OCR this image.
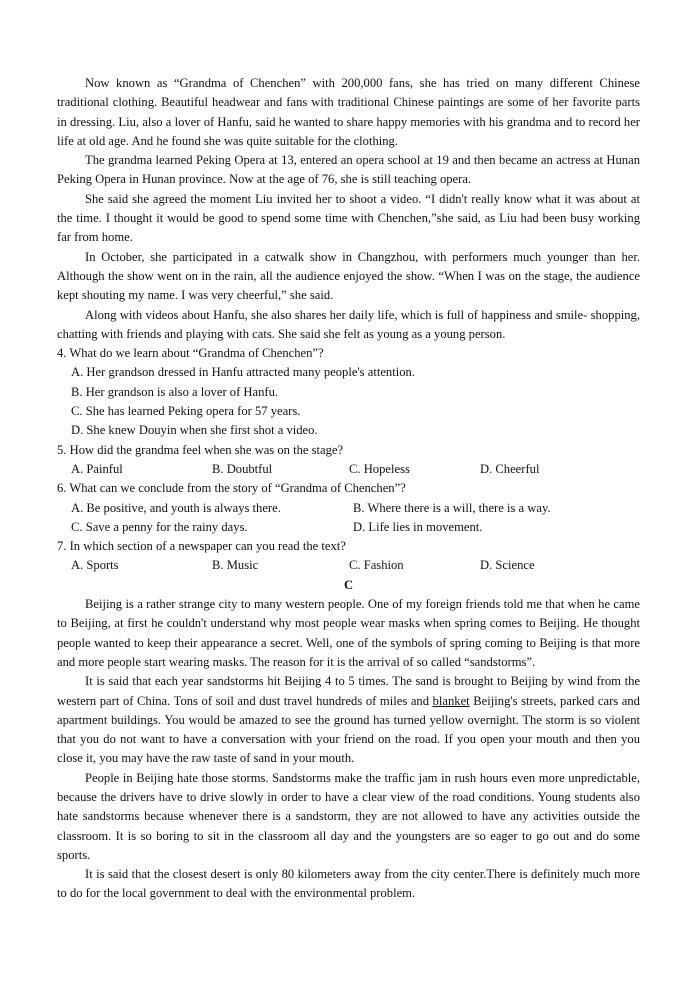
Now known as “Grandma of Chenchen” with 200,000 fans, she has tried on many different Chinese traditional clothing. Beautiful headwear and fans with traditional Chinese paintings are some of her favorite parts in dressing. Liu, also a lover of Hanfu, said he wanted to share happy memories with his grandma and to record her life at old age. And he found she was quite suitable for the clothing.

The grandma learned Peking Opera at 13, entered an opera school at 19 and then became an actress at Hunan Peking Opera in Hunan province. Now at the age of 76, she is still teaching opera.

She said she agreed the moment Liu invited her to shoot a video. “I didn't really know what it was about at the time. I thought it would be good to spend some time with Chenchen,”she said, as Liu had been busy working far from home.

In October, she participated in a catwalk show in Changzhou, with performers much younger than her. Although the show went on in the rain, all the audience enjoyed the show. “When I was on the stage, the audience kept shouting my name. I was very cheerful,” she said.

Along with videos about Hanfu, she also shares her daily life, which is full of happiness and smile- shopping, chatting with friends and playing with cats. She said she felt as young as a young person.

4. What do we learn about “Grandma of Chenchen”?
A. Her grandson dressed in Hanfu attracted many people's attention.
B. Her grandson is also a lover of Hanfu.
C. She has learned Peking opera for 57 years.
D. She knew Douyin when she first shot a video.
5. How did the grandma feel when she was on the stage?
A. Painful	B. Doubtful	C. Hopeless	D. Cheerful
6. What can we conclude from the story of “Grandma of Chenchen”?
A. Be positive, and youth is always there.	B. Where there is a will, there is a way.
C. Save a penny for the rainy days.	D. Life lies in movement.
7. In which section of a newspaper can you read the text?
A. Sports	B. Music	C. Fashion	D. Science
C

Beijing is a rather strange city to many western people. One of my foreign friends told me that when he came to Beijing, at first he couldn't understand why most people wear masks when spring comes to Beijing. He thought people wanted to keep their appearance a secret. Well, one of the symbols of spring coming to Beijing is that more and more people start wearing masks. The reason for it is the arrival of so called “sandstorms”.

It is said that each year sandstorms hit Beijing 4 to 5 times. The sand is brought to Beijing by wind from the western part of China. Tons of soil and dust travel hundreds of miles and blanket Beijing's streets, parked cars and apartment buildings. You would be amazed to see the ground has turned yellow overnight. The storm is so violent that you do not want to have a conversation with your friend on the road. If you open your mouth and then you close it, you may have the raw taste of sand in your mouth.

People in Beijing hate those storms. Sandstorms make the traffic jam in rush hours even more unpredictable, because the drivers have to drive slowly in order to have a clear view of the road conditions. Young students also hate sandstorms because whenever there is a sandstorm, they are not allowed to have any activities outside the classroom. It is so boring to sit in the classroom all day and the youngsters are so eager to go out and do some sports.

It is said that the closest desert is only 80 kilometers away from the city center.There is definitely much more to do for the local government to deal with the environmental problem.
